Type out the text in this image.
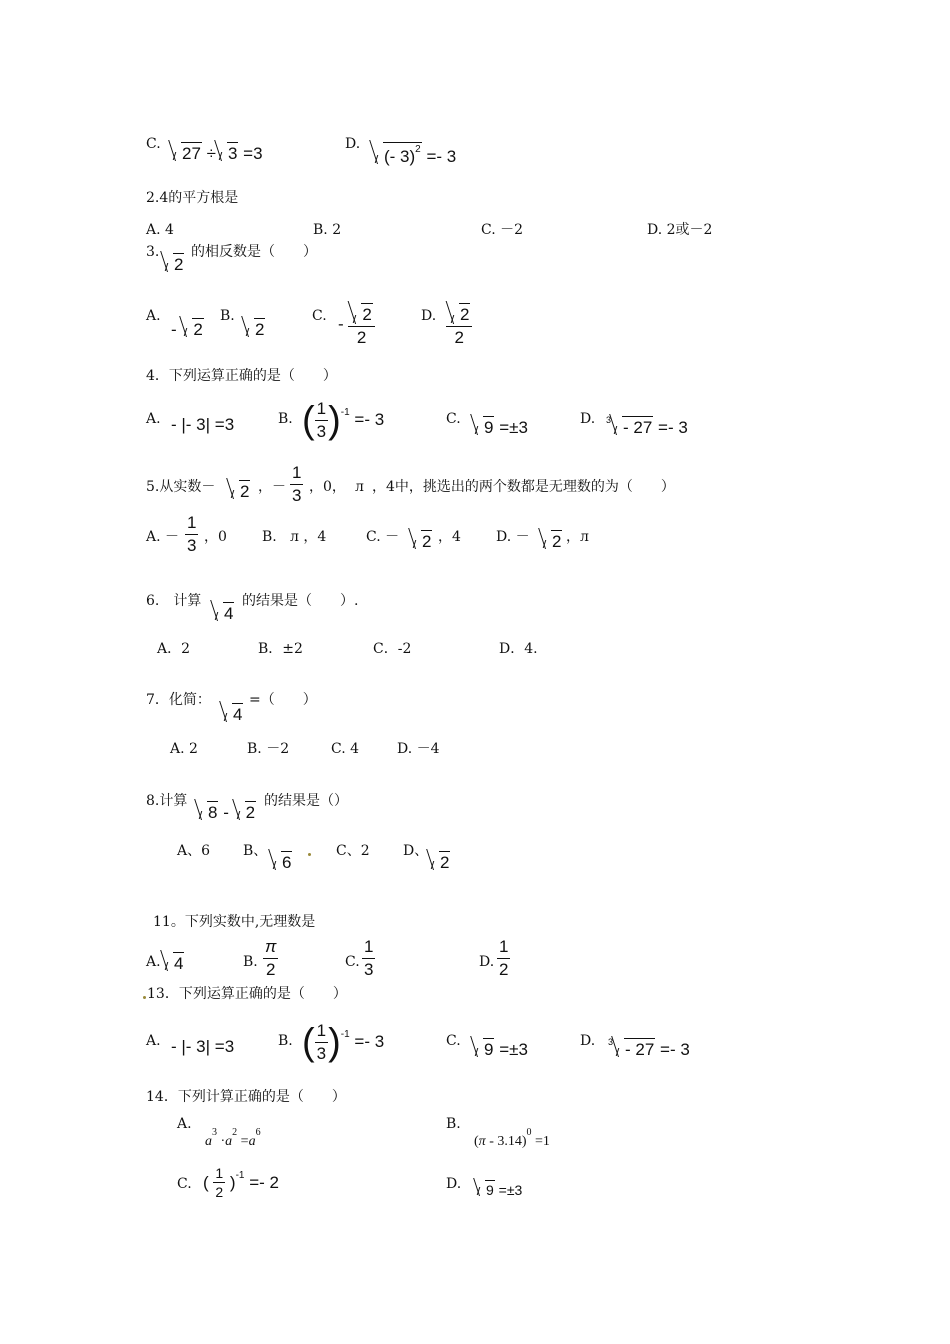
C.	27 ÷ 3 =3	D.
(- 3)$^2$ =- 3
2.4的平方根是
A. 4	B. 2	C. －2	D. 2或－2
3.
2
的相反数是（　　）
A.
- 2
B.
2
C. - $\frac{2}{2}$	D. $\frac{2}{2}$
4．下列运算正确的是（　　）
A. - |- 3| =3	B. ( $\frac{1}{3} )^{-1} =- 3$	C.	9 =±3	D. $^3$ - 27 =- 3
5.从实数－	2 ，－ $\frac{1}{3}$ ，0， л ，4中，挑选出的两个数都是无理数的为（　　）
A. － $\frac{1}{3}$ ，0	B. л ，4	C. －	2 ，4	D. －	2 ，л
6.　计算
4
的结果是（　　）.
A．2	B．±2	C．-2	D．4.
7．化简：
4
=（　　）
A. 2	B. －2	C. 4	D. －4
8.计算
8 - 2
的结果是（）
A、6 B、
6
C、2 D、
2
11。下列实数中,无理数是
A. 4	B. $\frac{\pi}{2}$	C. $\frac{1}{3}$	D. $\frac{1}{2}$
13．下列运算正确的是（　　）
A. - |- 3| =3	B. ( $\frac{1}{3} )^{-1} =- 3$	C.	9 =±3	D. $^3$ - 27 =- 3
14．下列计算正确的是（　　）
A.
$a^3 \cdot a^2 =a^6$
B.
(π - 3.14)$^0$ =1
C. ( $\frac{1}{2} )^{-1} =- 2$	D.	9 =±3
